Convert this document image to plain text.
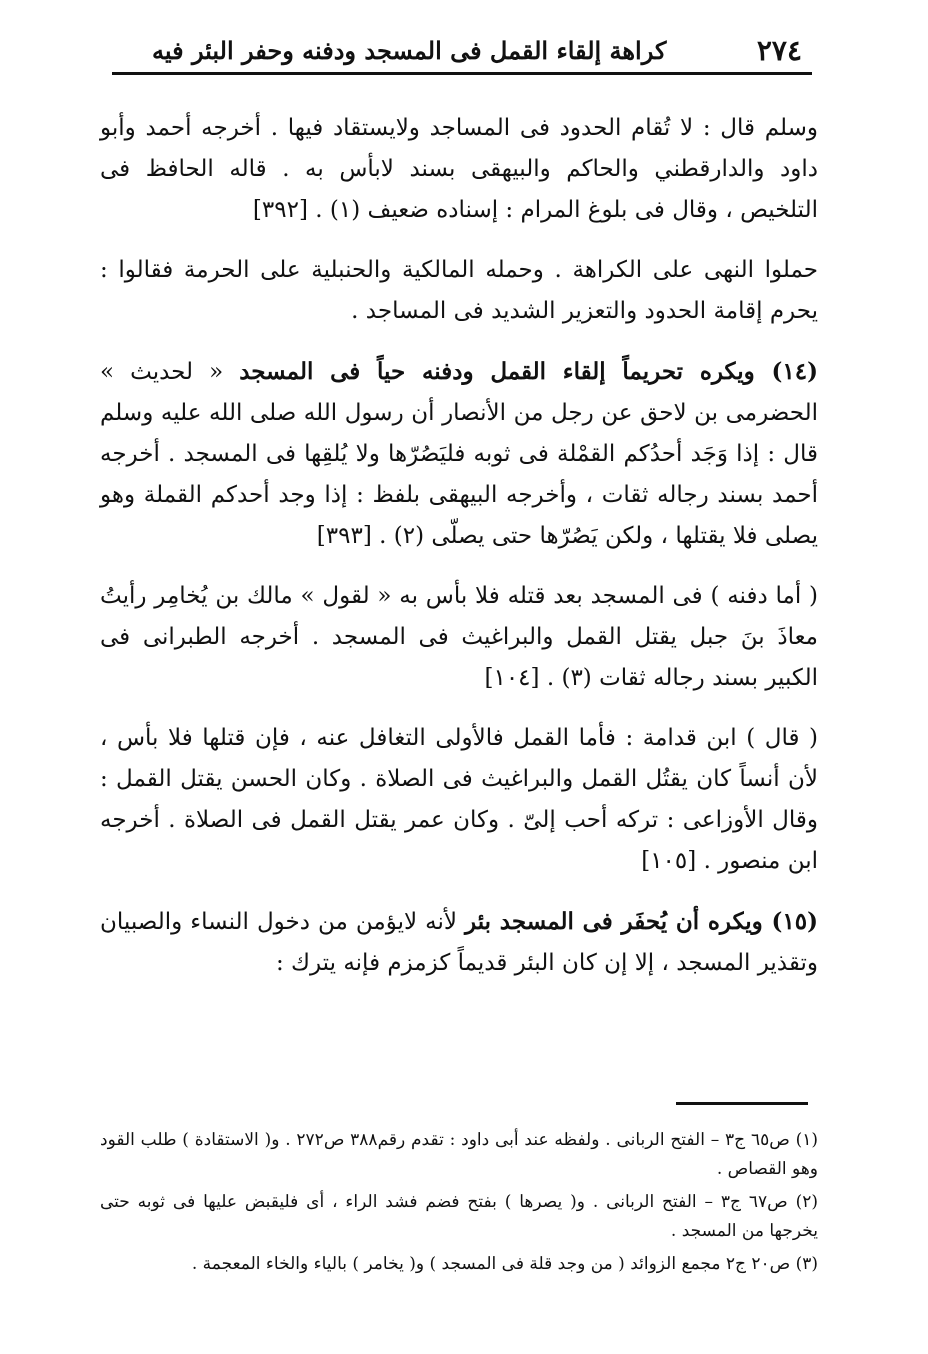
٢٧٤
كراهة إلقاء القمل فى المسجد ودفنه وحفر البئر فيه

وسلم قال : لا تُقام الحدود فى المساجد ولايستقاد فيها . أخرجه أحمد وأبو داود والدارقطني والحاكم والبيهقى بسند لابأس به . قاله الحافظ فى التلخيص ، وقال فى بلوغ المرام : إسناده ضعيف (١) . [٣٩٢]

حملوا النهى على الكراهة . وحمله المالكية والحنبلية على الحرمة فقالوا : يحرم إقامة الحدود والتعزير الشديد فى المساجد .

(١٤) ويكره تحريماً إلقاء القمل ودفنه حياً فى المسجد « لحديث » الحضرمى بن لاحق عن رجل من الأنصار أن رسول الله صلى الله عليه وسلم قال : إذا وَجَد أحدُكم القمْلة فى ثوبه فليَصُرّها ولا يُلقِها فى المسجد . أخرجه أحمد بسند رجاله ثقات ، وأخرجه البيهقى بلفظ : إذا وجد أحدكم القملة وهو يصلى فلا يقتلها ، ولكن يَصُرّها حتى يصلّى (٢) . [٣٩٣]

( أما دفنه ) فى المسجد بعد قتله فلا بأس به « لقول » مالك بن يُخامِر رأيتُ معاذَ بنَ جبل يقتل القمل والبراغيث فى المسجد . أخرجه الطبرانى فى الكبير بسند رجاله ثقات (٣) . [١٠٤]

( قال ) ابن قدامة : فأما القمل فالأولى التغافل عنه ، فإن قتلها فلا بأس ، لأن أنساً كان يقتُل القمل والبراغيث فى الصلاة . وكان الحسن يقتل القمل : وقال الأوزاعى : تركه أحب إلىّ . وكان عمر يقتل القمل فى الصلاة . أخرجه ابن منصور . [١٠٥]

(١٥) ويكره أن يُحفَر فى المسجد بئر لأنه لايؤمن من دخول النساء والصبيان وتقذير المسجد ، إلا إن كان البئر قديماً كزمزم فإنه يترك :

(١) ص٦٥ ج٣ – الفتح الربانى . ولفظه عند أبى داود : تقدم رقم٣٨٨ ص٢٧٢ . و( الاستقادة ) طلب القود وهو القصاص .

(٢) ص٦٧ ج٣ – الفتح الربانى . و( يصرها ) بفتح فضم فشد الراء ، أى فليقبض عليها فى ثوبه حتى يخرجها من المسجد .

(٣) ص٢٠ ج٢ مجمع الزوائد ( من وجد قلة فى المسجد ) و( يخامر ) بالياء والخاء المعجمة .
